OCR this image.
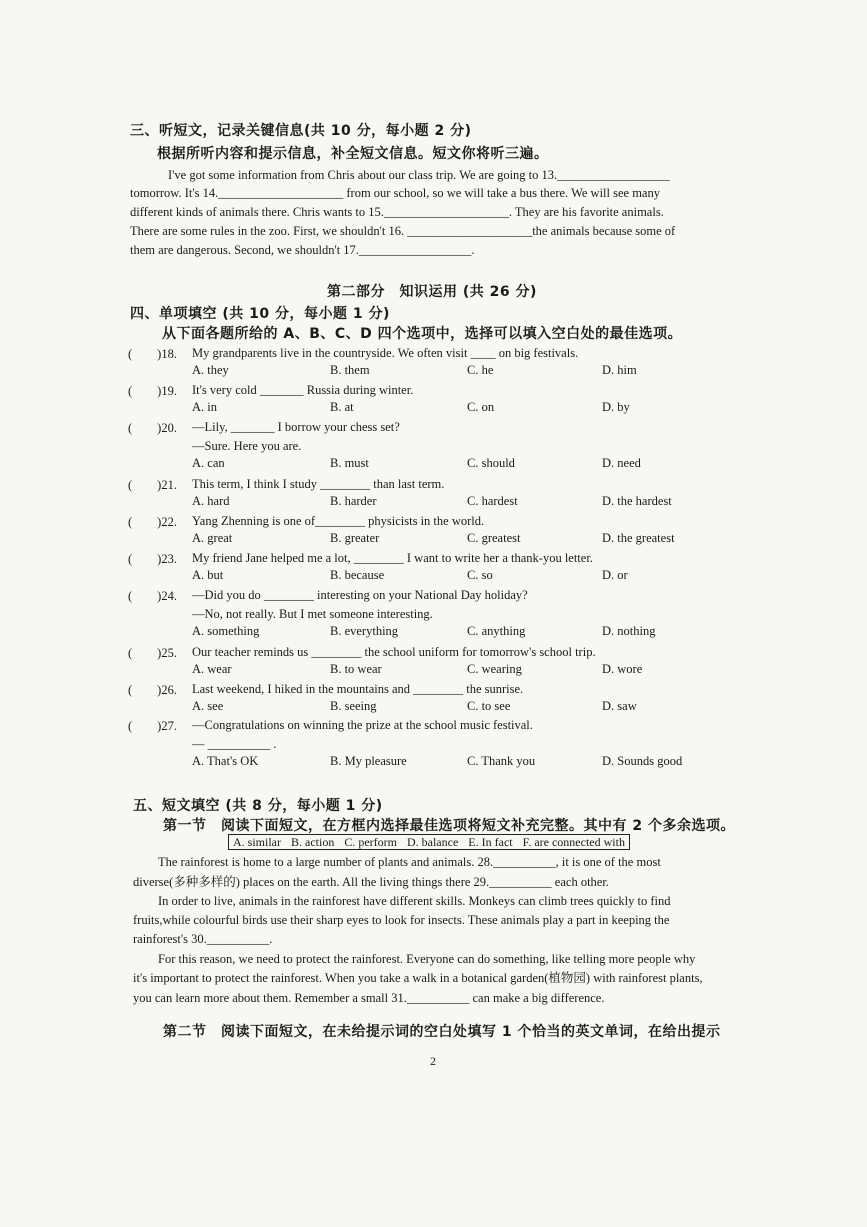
三、听短文，记录关键信息(共 10 分，每小题 2 分)
根据所听内容和提示信息，补全短文信息。短文你将听三遍。
I've got some information from Chris about our class trip. We are going to 13.__________________
tomorrow. It's 14.____________________ from our school, so we will take a bus there. We will see many
different kinds of animals there. Chris wants to 15.____________________. They are his favorite animals.
There are some rules in the zoo. First, we shouldn't 16. ____________________the animals because some of
them are dangerous. Second, we shouldn't 17.__________________.
第二部分　知识运用 (共 26 分)
四、单项填空 (共 10 分，每小题 1 分)
从下面各题所给的 A、B、C、D 四个选项中，选择可以填入空白处的最佳选项。
五、短文填空 (共 8 分，每小题 1 分)
第一节　阅读下面短文，在方框内选择最佳选项将短文补充完整。其中有 2 个多余选项。
A. similar B. action C. perform D. balance E. In fact F. are connected with
　　The rainforest is home to a large number of plants and animals. 28.__________, it is one of the most
diverse(多种多样的) places on the earth. All the living things there 29.__________ each other.
　　In order to live, animals in the rainforest have different skills. Monkeys can climb trees quickly to find
fruits,while colourful birds use their sharp eyes to look for insects. These animals play a part in keeping the
rainforest's 30.__________.
　　For this reason, we need to protect the rainforest. Everyone can do something, like telling more people why
it's important to protect the rainforest. When you take a walk in a botanical garden(植物园) with rainforest plants,
you can learn more about them. Remember a small 31.__________ can make a big difference.
第二节　阅读下面短文，在未给提示词的空白处填写 1 个恰当的英文单词，在给出提示
2
(　　)18. My grandparents live in the countryside. We often visit ____ on big festivals.
A. they	B. them	C. he	D. him
(　　)19. It's very cold _______ Russia during winter.
A. in	B. at	C. on	D. by
(　　)20. —Lily, _______ I borrow your chess set?
—Sure. Here you are.
A. can	B. must	C. should	D. need
(　　)21. This term, I think I study ________ than last term.
A. hard	B. harder	C. hardest	D. the hardest
(　　)22. Yang Zhenning is one of________ physicists in the world.
A. great	B. greater	C. greatest	D. the greatest
(　　)23. My friend Jane helped me a lot, ________ I want to write her a thank-you letter.
A. but	B. because	C. so	D. or
(　　)24. —Did you do ________ interesting on your National Day holiday?
—No, not really. But I met someone interesting.
A. something	B. everything	C. anything	D. nothing
(　　)25. Our teacher reminds us ________ the school uniform for tomorrow's school trip.
A. wear	B. to wear	C. wearing	D. wore
(　　)26. Last weekend, I hiked in the mountains and ________ the sunrise.
A. see	B. seeing	C. to see	D. saw
(　　)27. —Congratulations on winning the prize at the school music festival.
— __________ .
A. That's OK	B. My pleasure	C. Thank you	D. Sounds good
